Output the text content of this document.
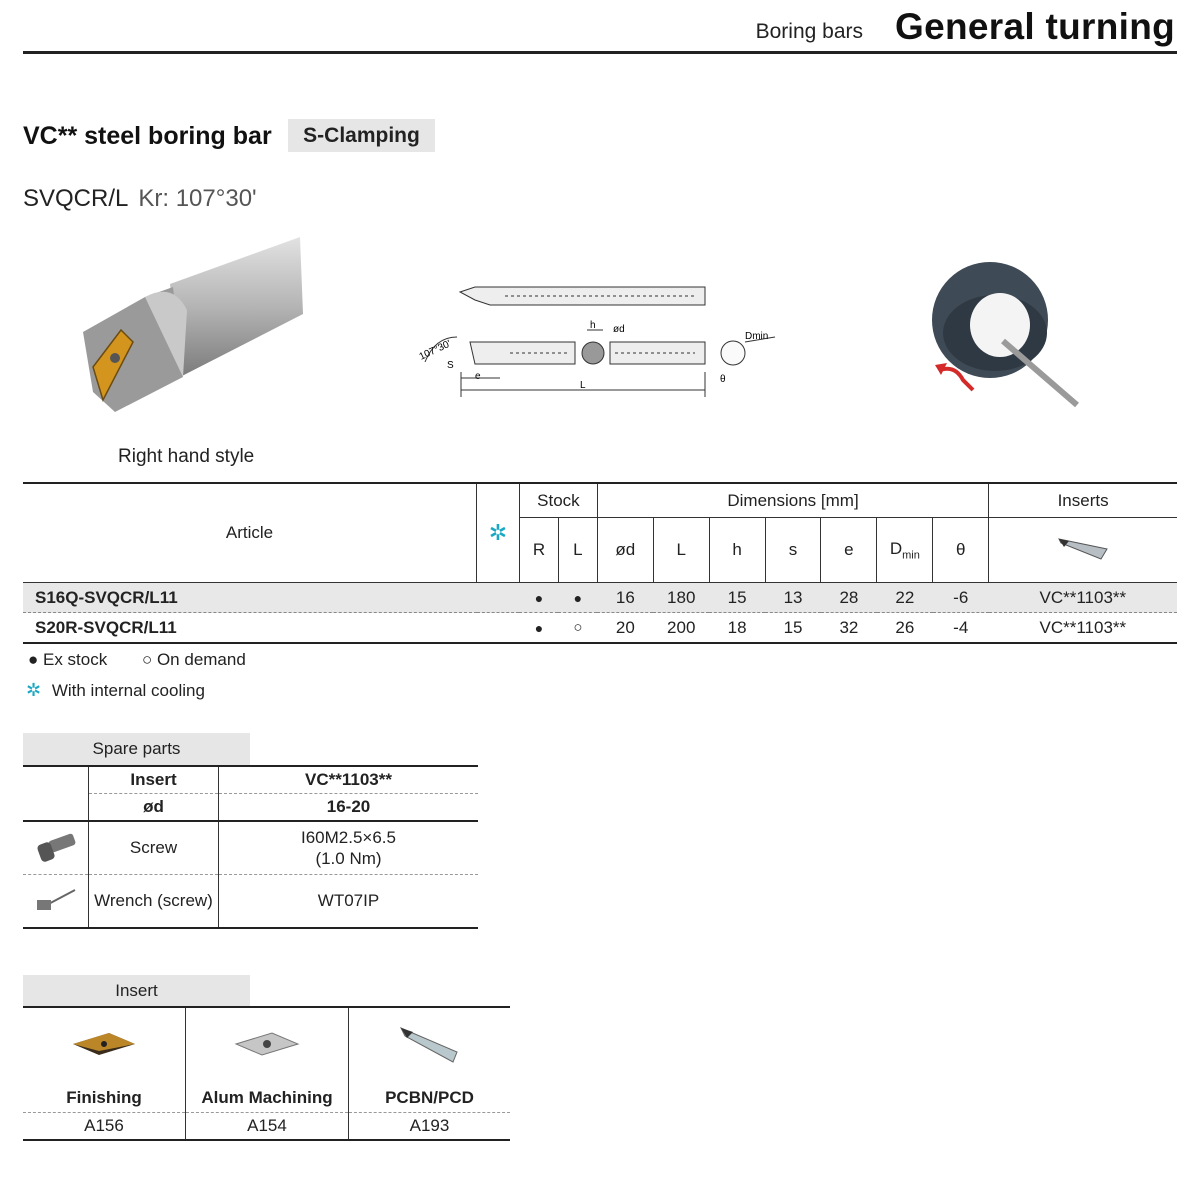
Boring bars General turning
VC** steel boring bar	S-Clamping
SVQCR/L Kr: 107°30'
Right hand style
107°30'
S
e
L
h ød
Dmin
θ
Article	✲	Stock		Dimensions [mm]							Inserts
		R	L	ød	L	h	s	e	$D_{min}$	θ	
S16Q-SVQCR/L11		●	●	16	180	15	13	28	22	-6	VC**1103**
S20R-SVQCR/L11		●	○	20	200	18	15	32	26	-4	VC**1103**
● Ex stock ○ On demand
✲ With internal cooling
Spare parts
	Insert	VC**1103**
	ød	16-20
	Screw	I60M2.5×6.5
(1.0 Nm)

	Wrench (screw)	WT07IP
Insert

Finishing	Alum Machining	PCBN/PCD
A156	A154	A193
